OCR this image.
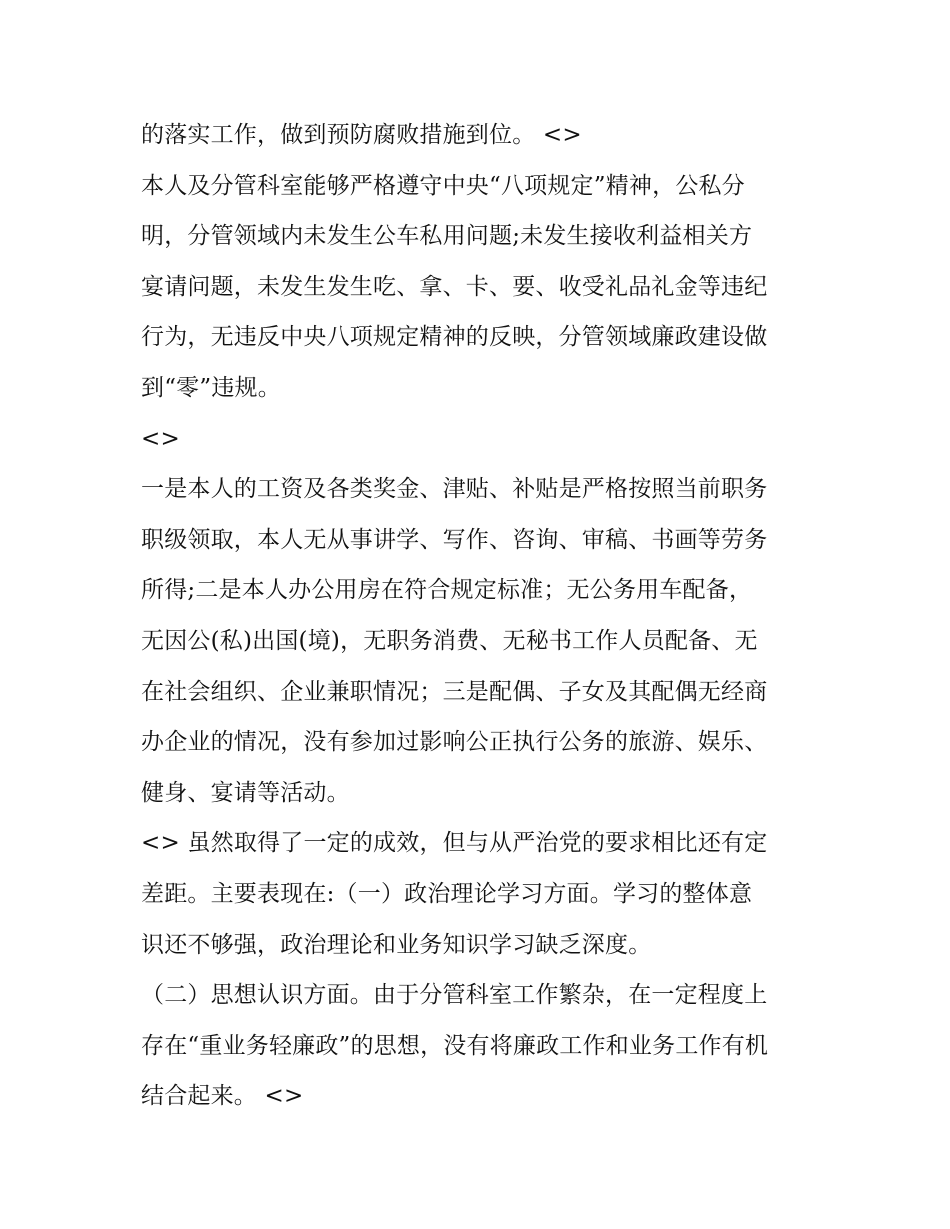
的落实工作，做到预防腐败措施到位。 <>
本人及分管科室能够严格遵守中央“八项规定”精神，公私分
明，分管领域内未发生公车私用问题;未发生接收利益相关方
宴请问题，未发生发生吃、拿、卡、要、收受礼品礼金等违纪
行为，无违反中央八项规定精神的反映，分管领域廉政建设做
到“零”违规。
<>
一是本人的工资及各类奖金、津贴、补贴是严格按照当前职务
职级领取，本人无从事讲学、写作、咨询、审稿、书画等劳务
所得;二是本人办公用房在符合规定标准；无公务用车配备，
无因公(私)出国(境)，无职务消费、无秘书工作人员配备、无
在社会组织、企业兼职情况；三是配偶、子女及其配偶无经商
办企业的情况，没有参加过影响公正执行公务的旅游、娱乐、
健身、宴请等活动。
<> 虽然取得了一定的成效，但与从严治党的要求相比还有定
差距。主要表现在:（一）政治理论学习方面。学习的整体意
识还不够强，政治理论和业务知识学习缺乏深度。
（二）思想认识方面。由于分管科室工作繁杂，在一定程度上
存在“重业务轻廉政”的思想，没有将廉政工作和业务工作有机
结合起来。 <>
